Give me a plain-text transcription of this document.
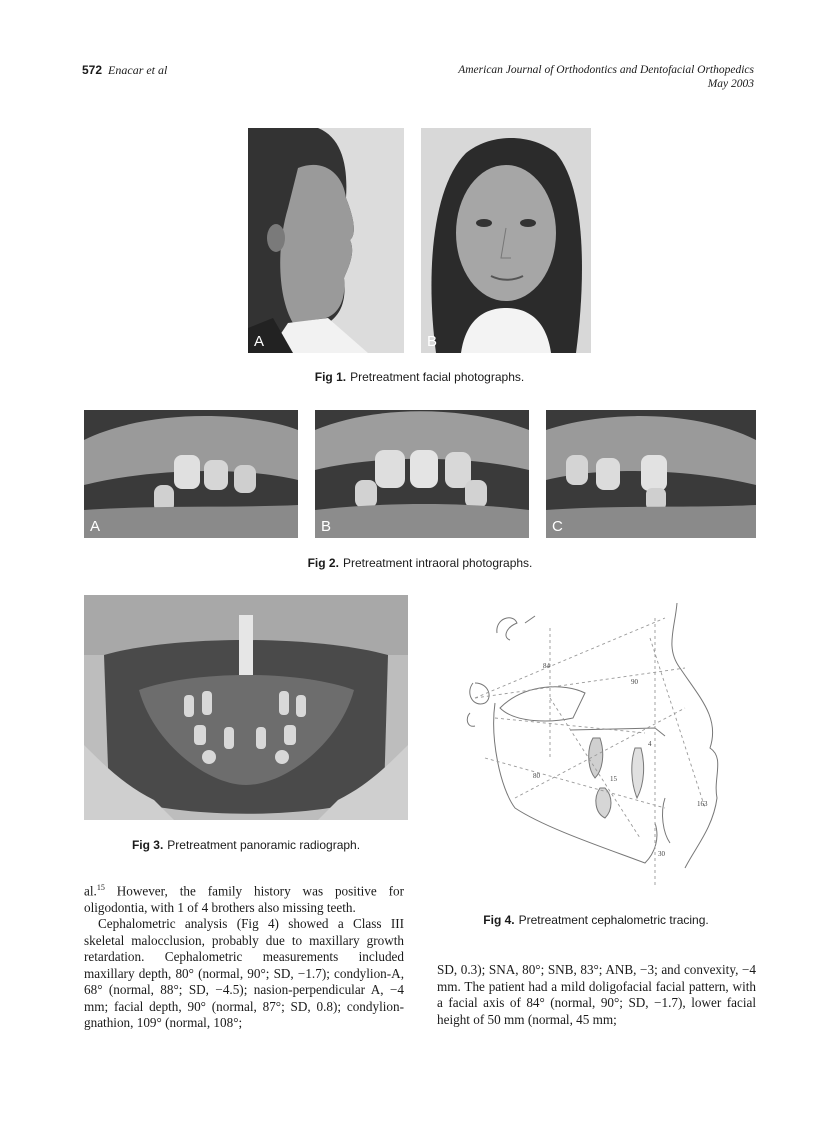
572 Enacar et al	American Journal of Orthodontics and Dentofacial Orthopedics
May 2003
A	B
Fig 1. Pretreatment facial photographs.
A	B	C
Fig 2. Pretreatment intraoral photographs.
Fig 3. Pretreatment panoramic radiograph.
84
90
80
4
15
163
30
Fig 4. Pretreatment cephalometric tracing.

al.$^{15}$ However, the family history was positive for oligodontia, with 1 of 4 brothers also missing teeth.

Cephalometric analysis (Fig 4) showed a Class III skeletal malocclusion, probably due to maxillary growth retardation. Cephalometric measurements included maxillary depth, 80° (normal, 90°; SD, −1.7); condylion-A, 68° (normal, 88°; SD, −4.5); nasion-perpendicular A, −4 mm; facial depth, 90° (normal, 87°; SD, 0.8); condylion-gnathion, 109° (normal, 108°;

SD, 0.3); SNA, 80°; SNB, 83°; ANB, −3; and convexity, −4 mm. The patient had a mild doligofacial facial pattern, with a facial axis of 84° (normal, 90°; SD, −1.7), lower facial height of 50 mm (normal, 45 mm;
